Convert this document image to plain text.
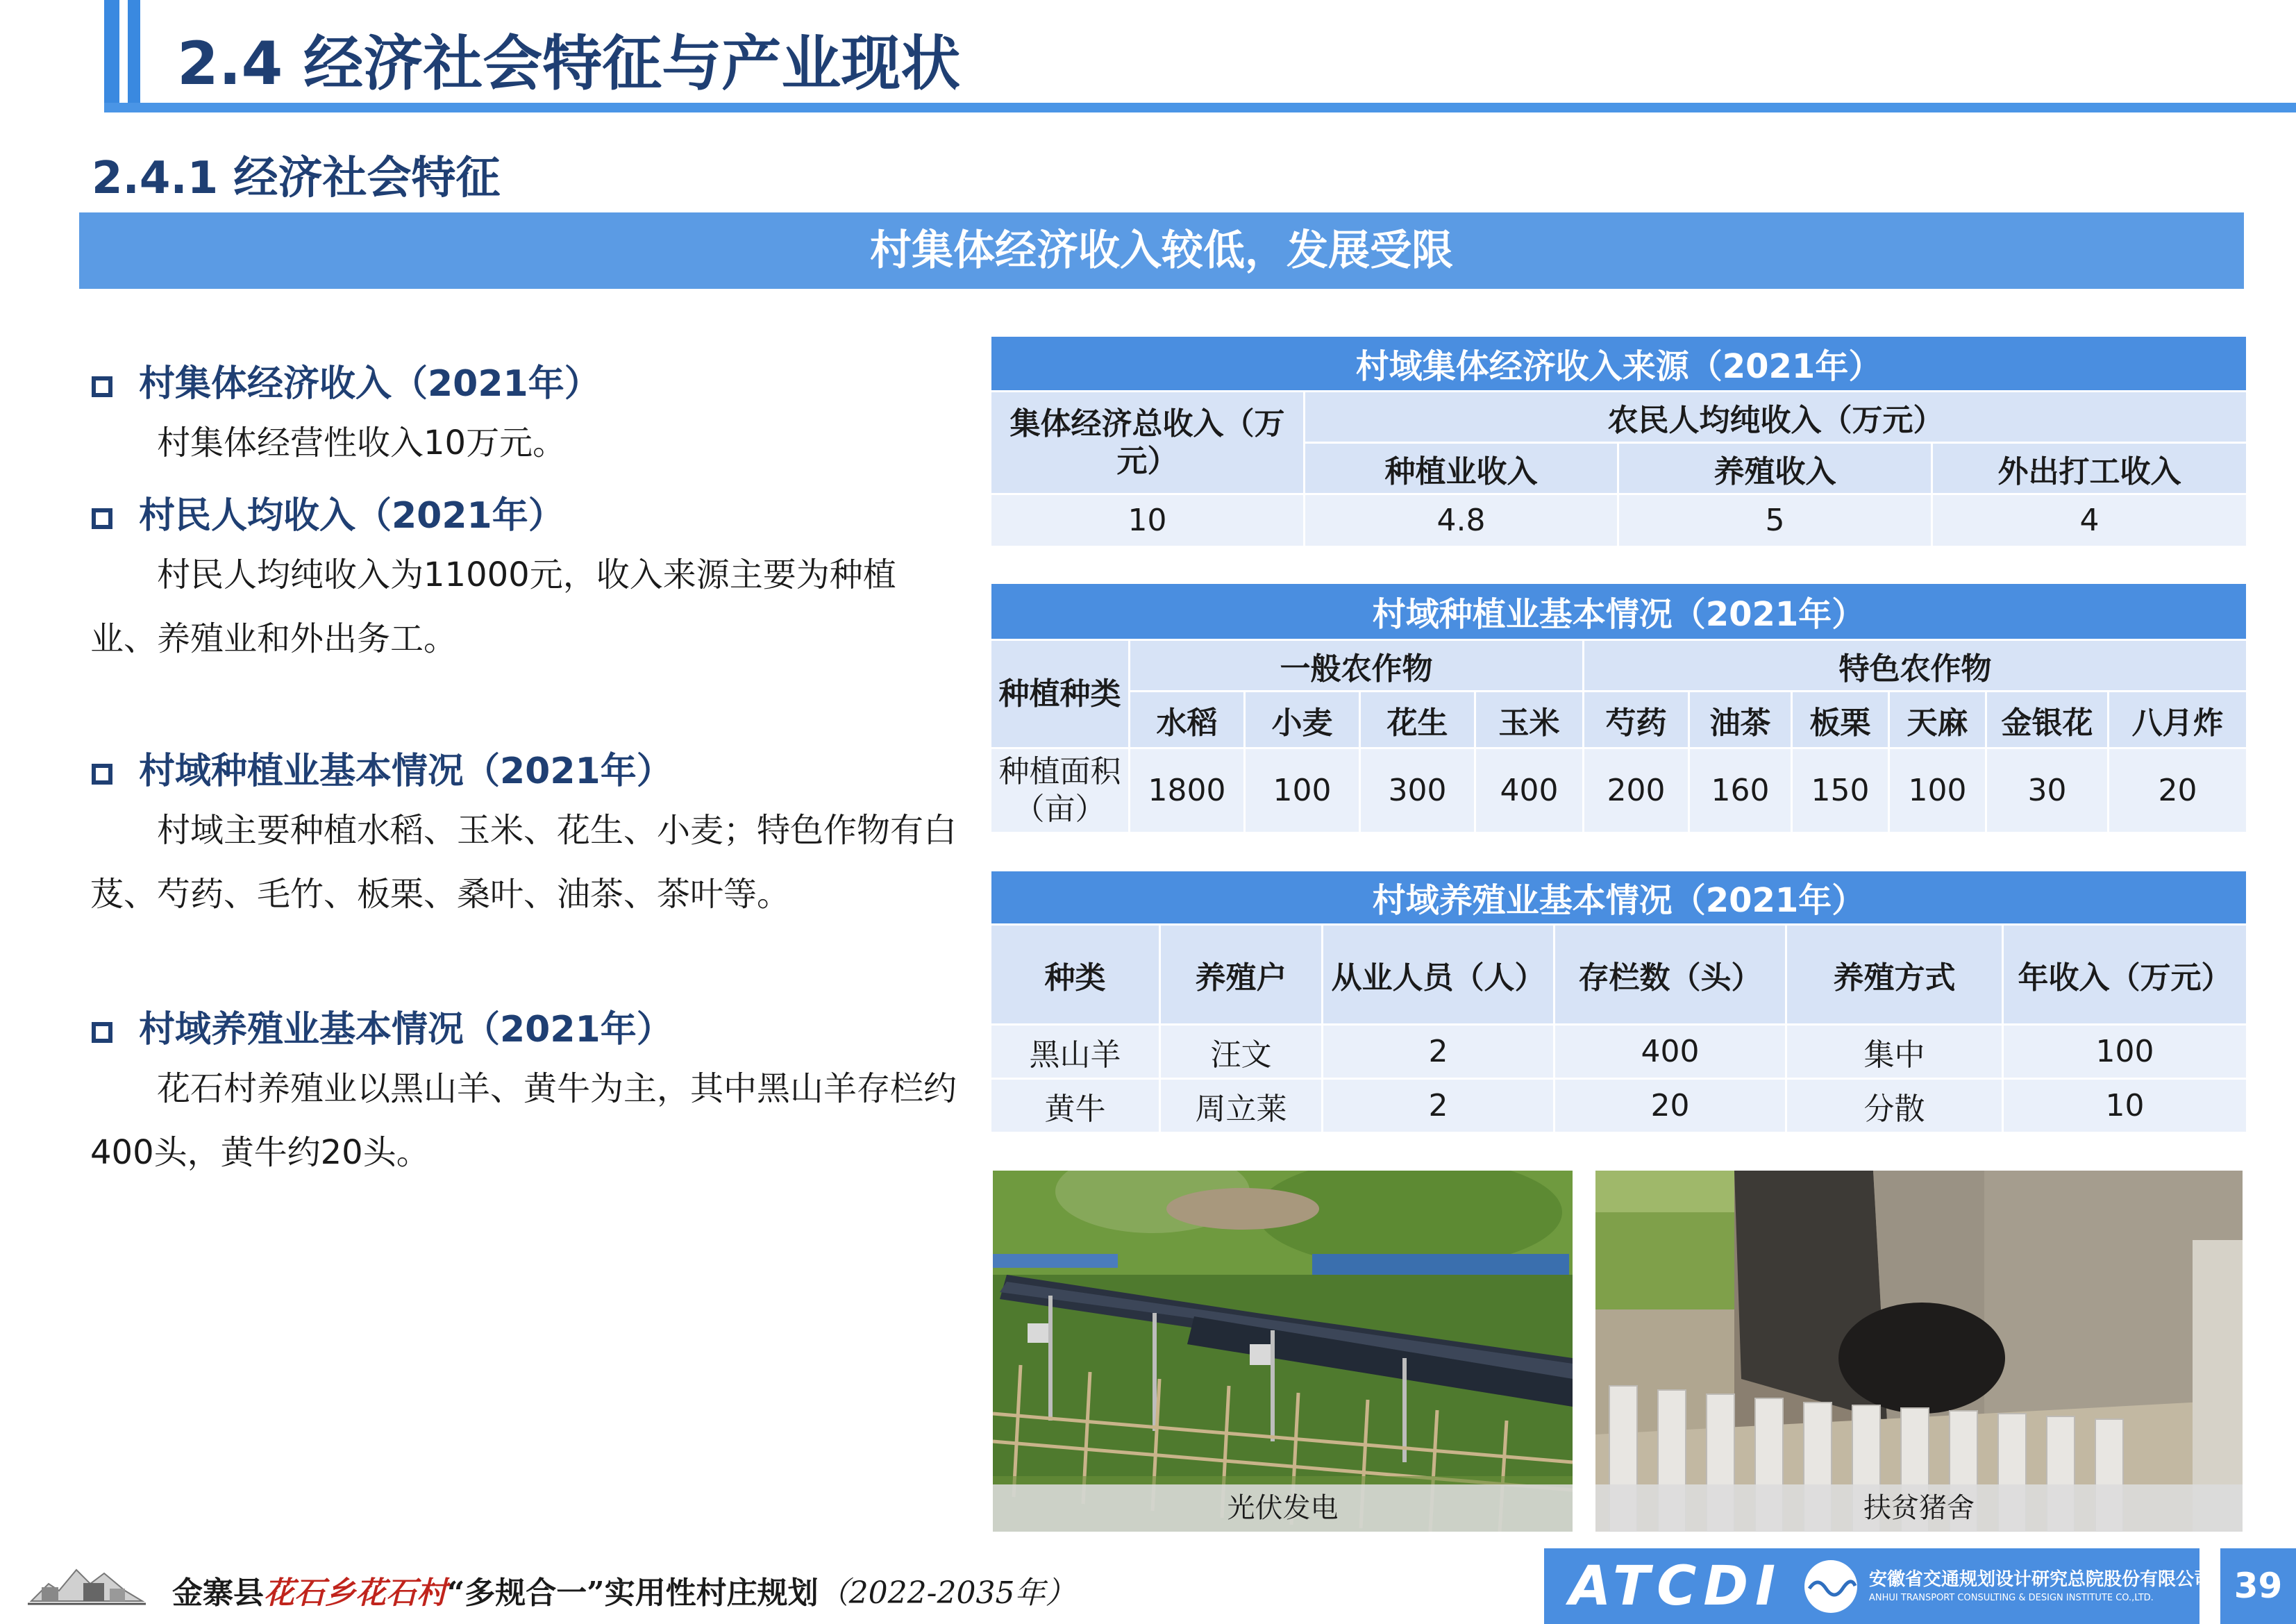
2.4 经济社会特征与产业现状
2.4.1 经济社会特征
村集体经济收入较低，发展受限
村集体经济收入（2021年）
村集体经营性收入10万元。
村民人均收入（2021年）
村民人均纯收入为11000元，收入来源主要为种植业、养殖业和外出务工。
村域种植业基本情况（2021年）
村域主要种植水稻、玉米、花生、小麦；特色作物有白芨、芍药、毛竹、板栗、桑叶、油茶、茶叶等。
村域养殖业基本情况（2021年）
花石村养殖业以黑山羊、黄牛为主，其中黑山羊存栏约400头，黄牛约20头。
村域集体经济收入来源（2021年）			
集体经济总收入（万元）	农民人均纯收入（万元）		
	种植业收入	养殖收入	外出打工收入
10	4.8	5	4
村域种植业基本情况（2021年）										
种植种类	一般农作物				特色农作物					
	水稻	小麦	花生	玉米	芍药	油茶	板栗	天麻	金银花	八月炸
种植面积（亩）	1800	100	300	400	200	160	150	100	30	20
村域养殖业基本情况（2021年）					
种类	养殖户	从业人员（人）	存栏数（头）	养殖方式	年收入（万元）
黑山羊	汪文	2	400	集中	100
黄牛	周立莱	2	20	分散	10
光伏发电	扶贫猪舍
金寨县花石乡花石村“多规合一”实用性村庄规划（2022-2035年）	ATCDI	安徽省交通规划设计研究总院股份有限公司
ANHUI TRANSPORT CONSULTING & DESIGN INSTITUTE CO.,LTD.	39
